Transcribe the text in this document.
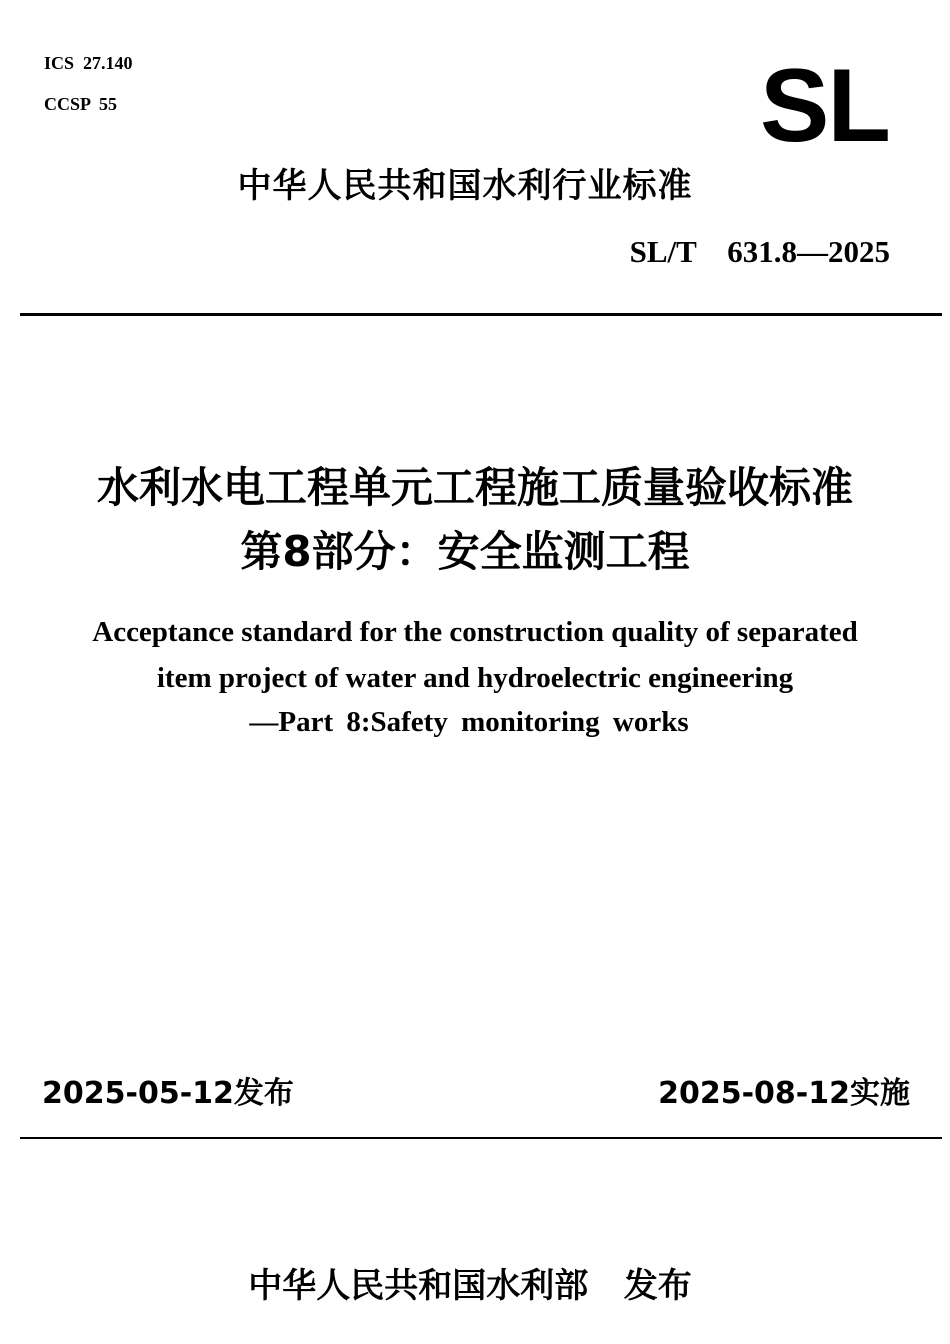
ICS  27.140
CCSP  55	SL
中华人民共和国水利行业标准
SL/T    631.8—2025
水利水电工程单元工程施工质量验收标准
第8部分：安全监测工程
Acceptance standard for the construction quality of separated
item project of water and hydroelectric engineering
—Part 8:Safety monitoring works
2025-05-12发布	2025-08-12实施
中华人民共和国水利部   发布
